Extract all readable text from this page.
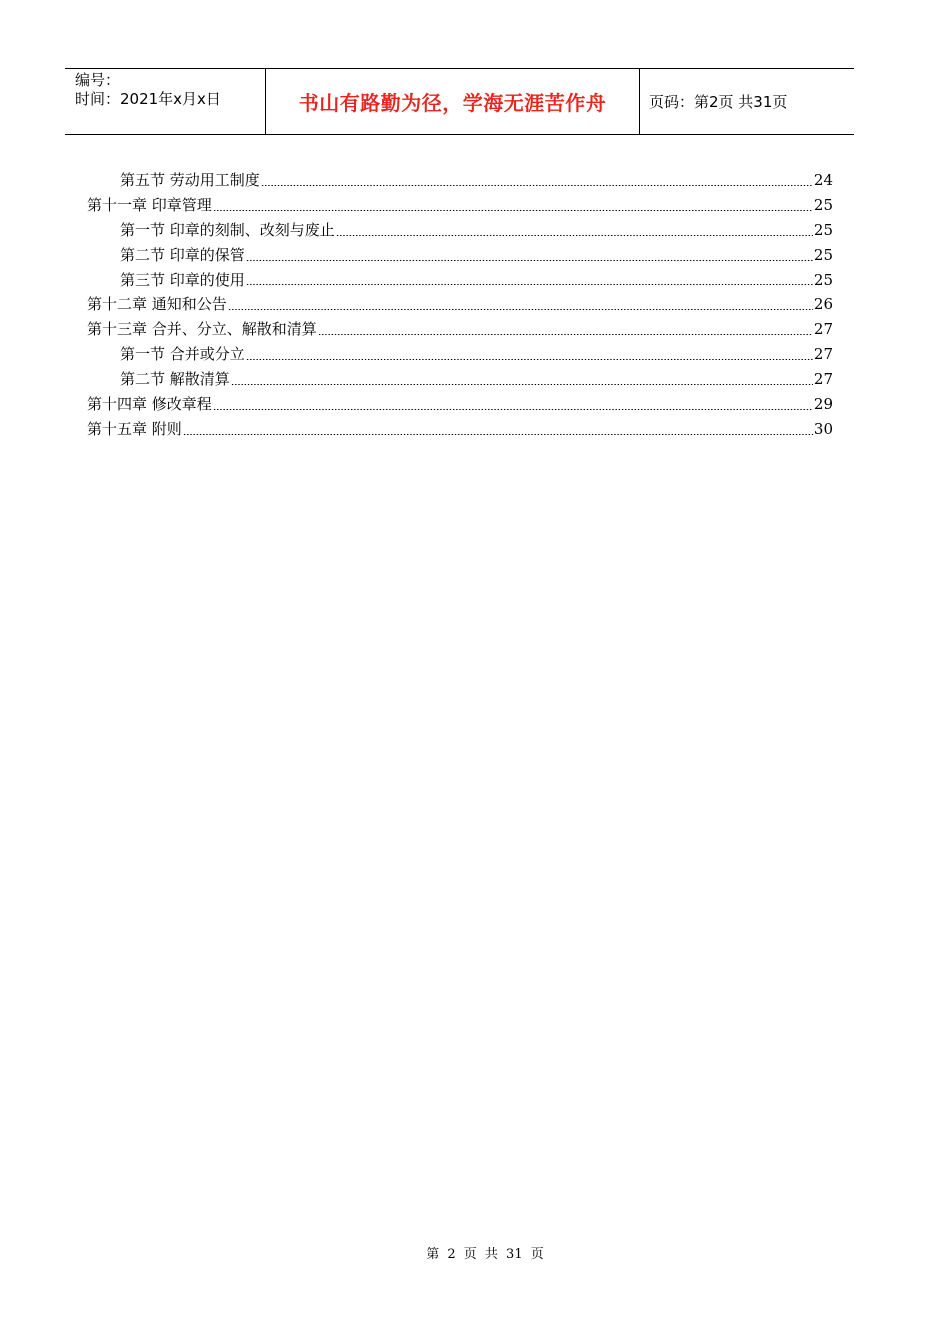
编号：
时间：2021年x月x日	书山有路勤为径，学海无涯苦作舟	页码：第2页 共31页
第五节 劳动用工制度	24
第十一章 印章管理	25
第一节 印章的刻制、改刻与废止	25
第二节 印章的保管	25
第三节 印章的使用	25
第十二章 通知和公告	26
第十三章 合并、分立、解散和清算	27
第一节 合并或分立	27
第二节 解散清算	27
第十四章 修改章程	29
第十五章 附则	30
第 2 页 共 31 页
